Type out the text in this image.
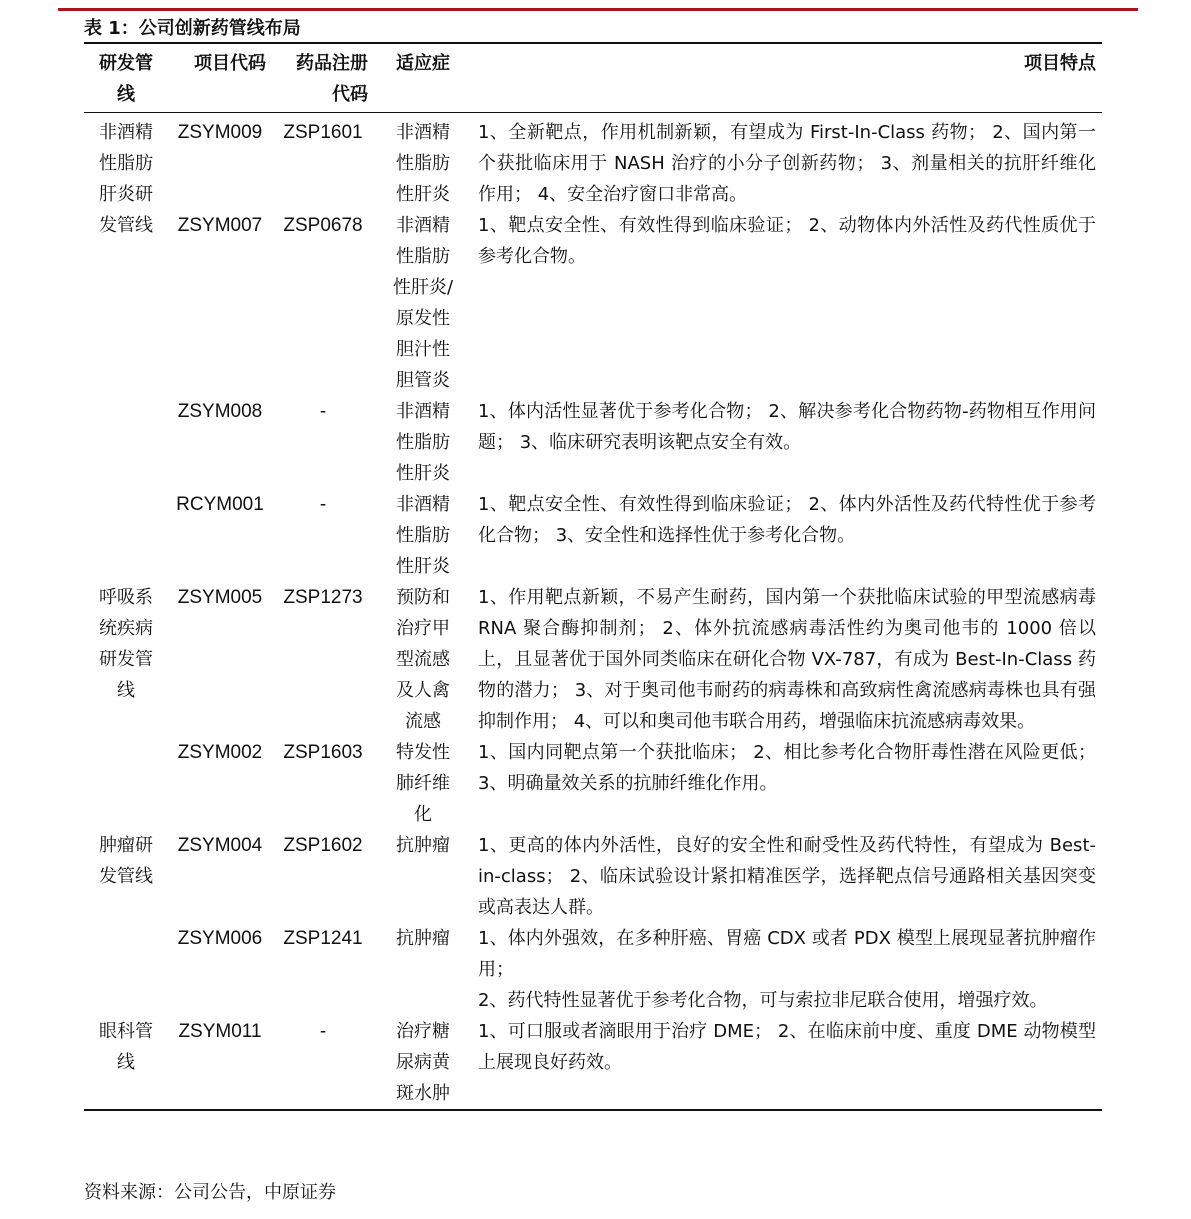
表 1：公司创新药管线布局
研发管线	项目代码	药品注册代码	适应症	项目特点

非酒精性脂肪肝炎研发管线	ZSYM009	ZSP1601	非酒精性脂肪性肝炎	1、全新靶点，作用机制新颖，有望成为 First-In-Class 药物； 2、国内第一个获批临床用于 NASH 治疗的小分子创新药物； 3、剂量相关的抗肝纤维化作用； 4、安全治疗窗口非常高。

	ZSYM007	ZSP0678	非酒精性脂肪性肝炎/原发性胆汁性胆管炎	1、靶点安全性、有效性得到临床验证； 2、动物体内外活性及药代性质优于参考化合物。

	ZSYM008	-	非酒精性脂肪性肝炎	1、体内活性显著优于参考化合物； 2、解决参考化合物药物-药物相互作用问题； 3、临床研究表明该靶点安全有效。

	RCYM001	-	非酒精性脂肪性肝炎	1、靶点安全性、有效性得到临床验证； 2、体内外活性及药代特性优于参考化合物； 3、安全性和选择性优于参考化合物。

呼吸系统疾病研发管线	ZSYM005	ZSP1273	预防和治疗甲型流感及人禽流感	1、作用靶点新颖，不易产生耐药，国内第一个获批临床试验的甲型流感病毒 RNA 聚合酶抑制剂； 2、体外抗流感病毒活性约为奥司他韦的 1000 倍以上，且显著优于国外同类临床在研化合物 VX-787，有成为 Best-In-Class 药物的潜力； 3、对于奥司他韦耐药的病毒株和高致病性禽流感病毒株也具有强抑制作用； 4、可以和奥司他韦联合用药，增强临床抗流感病毒效果。

	ZSYM002	ZSP1603	特发性肺纤维化	1、国内同靶点第一个获批临床； 2、相比参考化合物肝毒性潜在风险更低； 3、明确量效关系的抗肺纤维化作用。

肿瘤研发管线	ZSYM004	ZSP1602	抗肿瘤	1、更高的体内外活性，良好的安全性和耐受性及药代特性，有望成为 Best-in-class； 2、临床试验设计紧扣精准医学，选择靶点信号通路相关基因突变或高表达人群。

	ZSYM006	ZSP1241	抗肿瘤	1、体内外强效，在多种肝癌、胃癌 CDX 或者 PDX 模型上展现显著抗肿瘤作用；
2、药代特性显著优于参考化合物，可与索拉非尼联合使用，增强疗效。

眼科管线	ZSYM011	-	治疗糖尿病黄斑水肿	1、可口服或者滴眼用于治疗 DME； 2、在临床前中度、重度 DME 动物模型上展现良好药效。
资料来源：公司公告，中原证券
